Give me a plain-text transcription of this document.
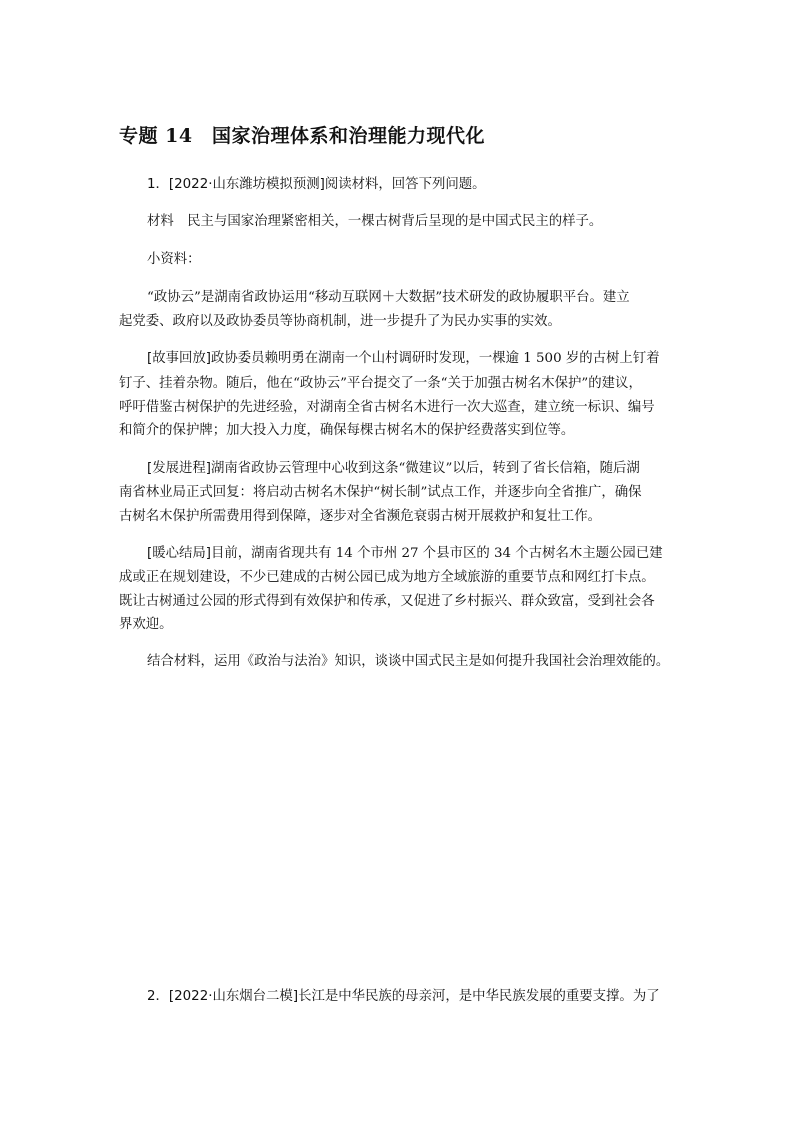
专题 14　国家治理体系和治理能力现代化
1．[2022·山东潍坊模拟预测]阅读材料，回答下列问题。
材料　 民主与国家治理紧密相关，一棵古树背后呈现的是中国式民主的样子。
小资料：
“政协云”是湖南省政协运用“移动互联网＋大数据”技术研发的政协履职平台。建立
起党委、政府以及政协委员等协商机制，进一步提升了为民办实事的实效。
[故事回放]政协委员赖明勇在湖南一个山村调研时发现，一棵逾 1 500 岁的古树上钉着
钉子、挂着杂物。随后，他在“政协云”平台提交了一条“关于加强古树名木保护”的建议，
呼吁借鉴古树保护的先进经验，对湖南全省古树名木进行一次大巡查，建立统一标识、编号
和简介的保护牌；加大投入力度，确保每棵古树名木的保护经费落实到位等。
[发展进程]湖南省政协云管理中心收到这条“微建议”以后，转到了省长信箱，随后湖
南省林业局正式回复：将启动古树名木保护“树长制”试点工作，并逐步向全省推广，确保
古树名木保护所需费用得到保障，逐步对全省濒危衰弱古树开展救护和复壮工作。
[暖心结局]目前，湖南省现共有 14 个市州 27 个县市区的 34 个古树名木主题公园已建
成或正在规划建设，不少已建成的古树公园已成为地方全域旅游的重要节点和网红打卡点。
既让古树通过公园的形式得到有效保护和传承，又促进了乡村振兴、群众致富，受到社会各
界欢迎。
结合材料，运用《政治与法治》知识，谈谈中国式民主是如何提升我国社会治理效能的。
2．[2022·山东烟台二模]长江是中华民族的母亲河，是中华民族发展的重要支撑。为了
